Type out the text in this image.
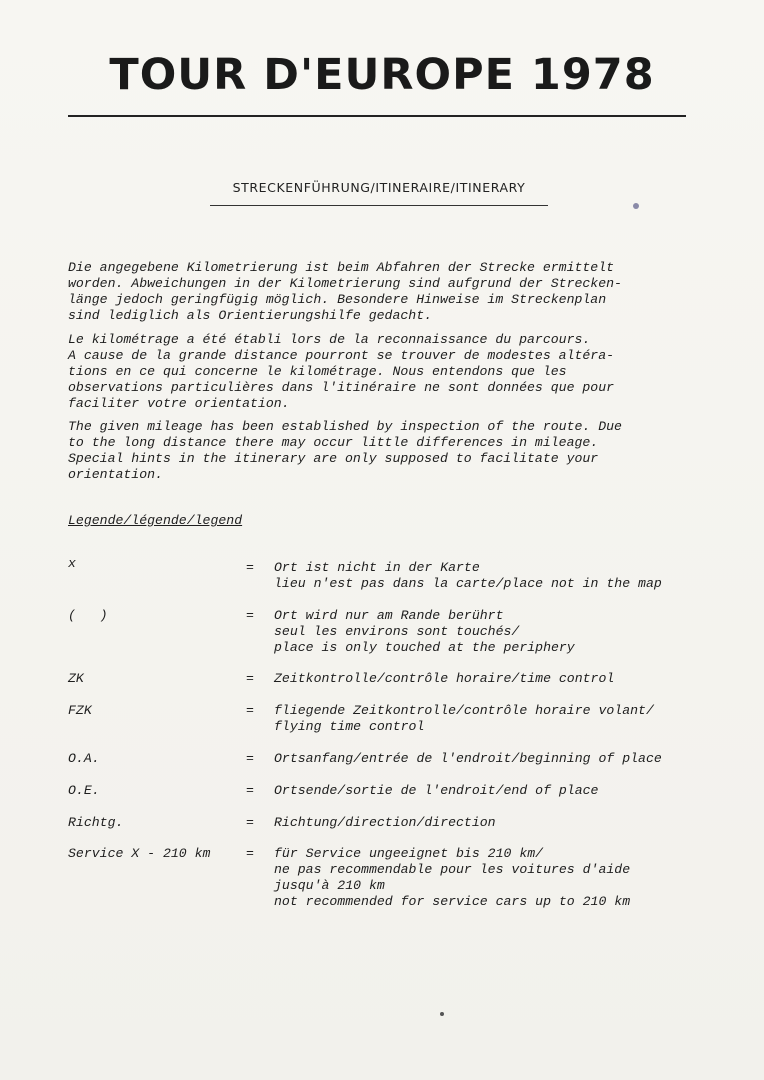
TOUR D'EUROPE 1978
STRECKENFÜHRUNG/ITINERAIRE/ITINERARY
Die angegebene Kilometrierung ist beim Abfahren der Strecke ermittelt
worden. Abweichungen in der Kilometrierung sind aufgrund der Strecken-
länge jedoch geringfügig möglich. Besondere Hinweise im Streckenplan
sind lediglich als Orientierungshilfe gedacht.
Le kilométrage a été établi lors de la reconnaissance du parcours.
A cause de la grande distance pourront se trouver de modestes altéra-
tions en ce qui concerne le kilométrage. Nous entendons que les
observations particulières dans l'itinéraire ne sont données que pour
faciliter votre orientation.
The given mileage has been established by inspection of the route. Due
to the long distance there may occur little differences in mileage.
Special hints in the itinerary are only supposed to facilitate your
orientation.
Legende/légende/legend
x	= Ort ist nicht in der Karte
lieu n'est pas dans la carte/place not in the map
(   )	= Ort wird nur am Rande berührt
seul les environs sont touchés/
place is only touched at the periphery
ZK	= Zeitkontrolle/contrôle horaire/time control
FZK	= fliegende Zeitkontrolle/contrôle horaire volant/
flying time control
O.A.	= Ortsanfang/entrée de l'endroit/beginning of place
O.E.	= Ortsende/sortie de l'endroit/end of place
Richtg.	= Richtung/direction/direction
Service X - 210 km	= für Service ungeeignet bis 210 km/
ne pas recommendable pour les voitures d'aide
jusqu'à 210 km
not recommended for service cars up to 210 km
